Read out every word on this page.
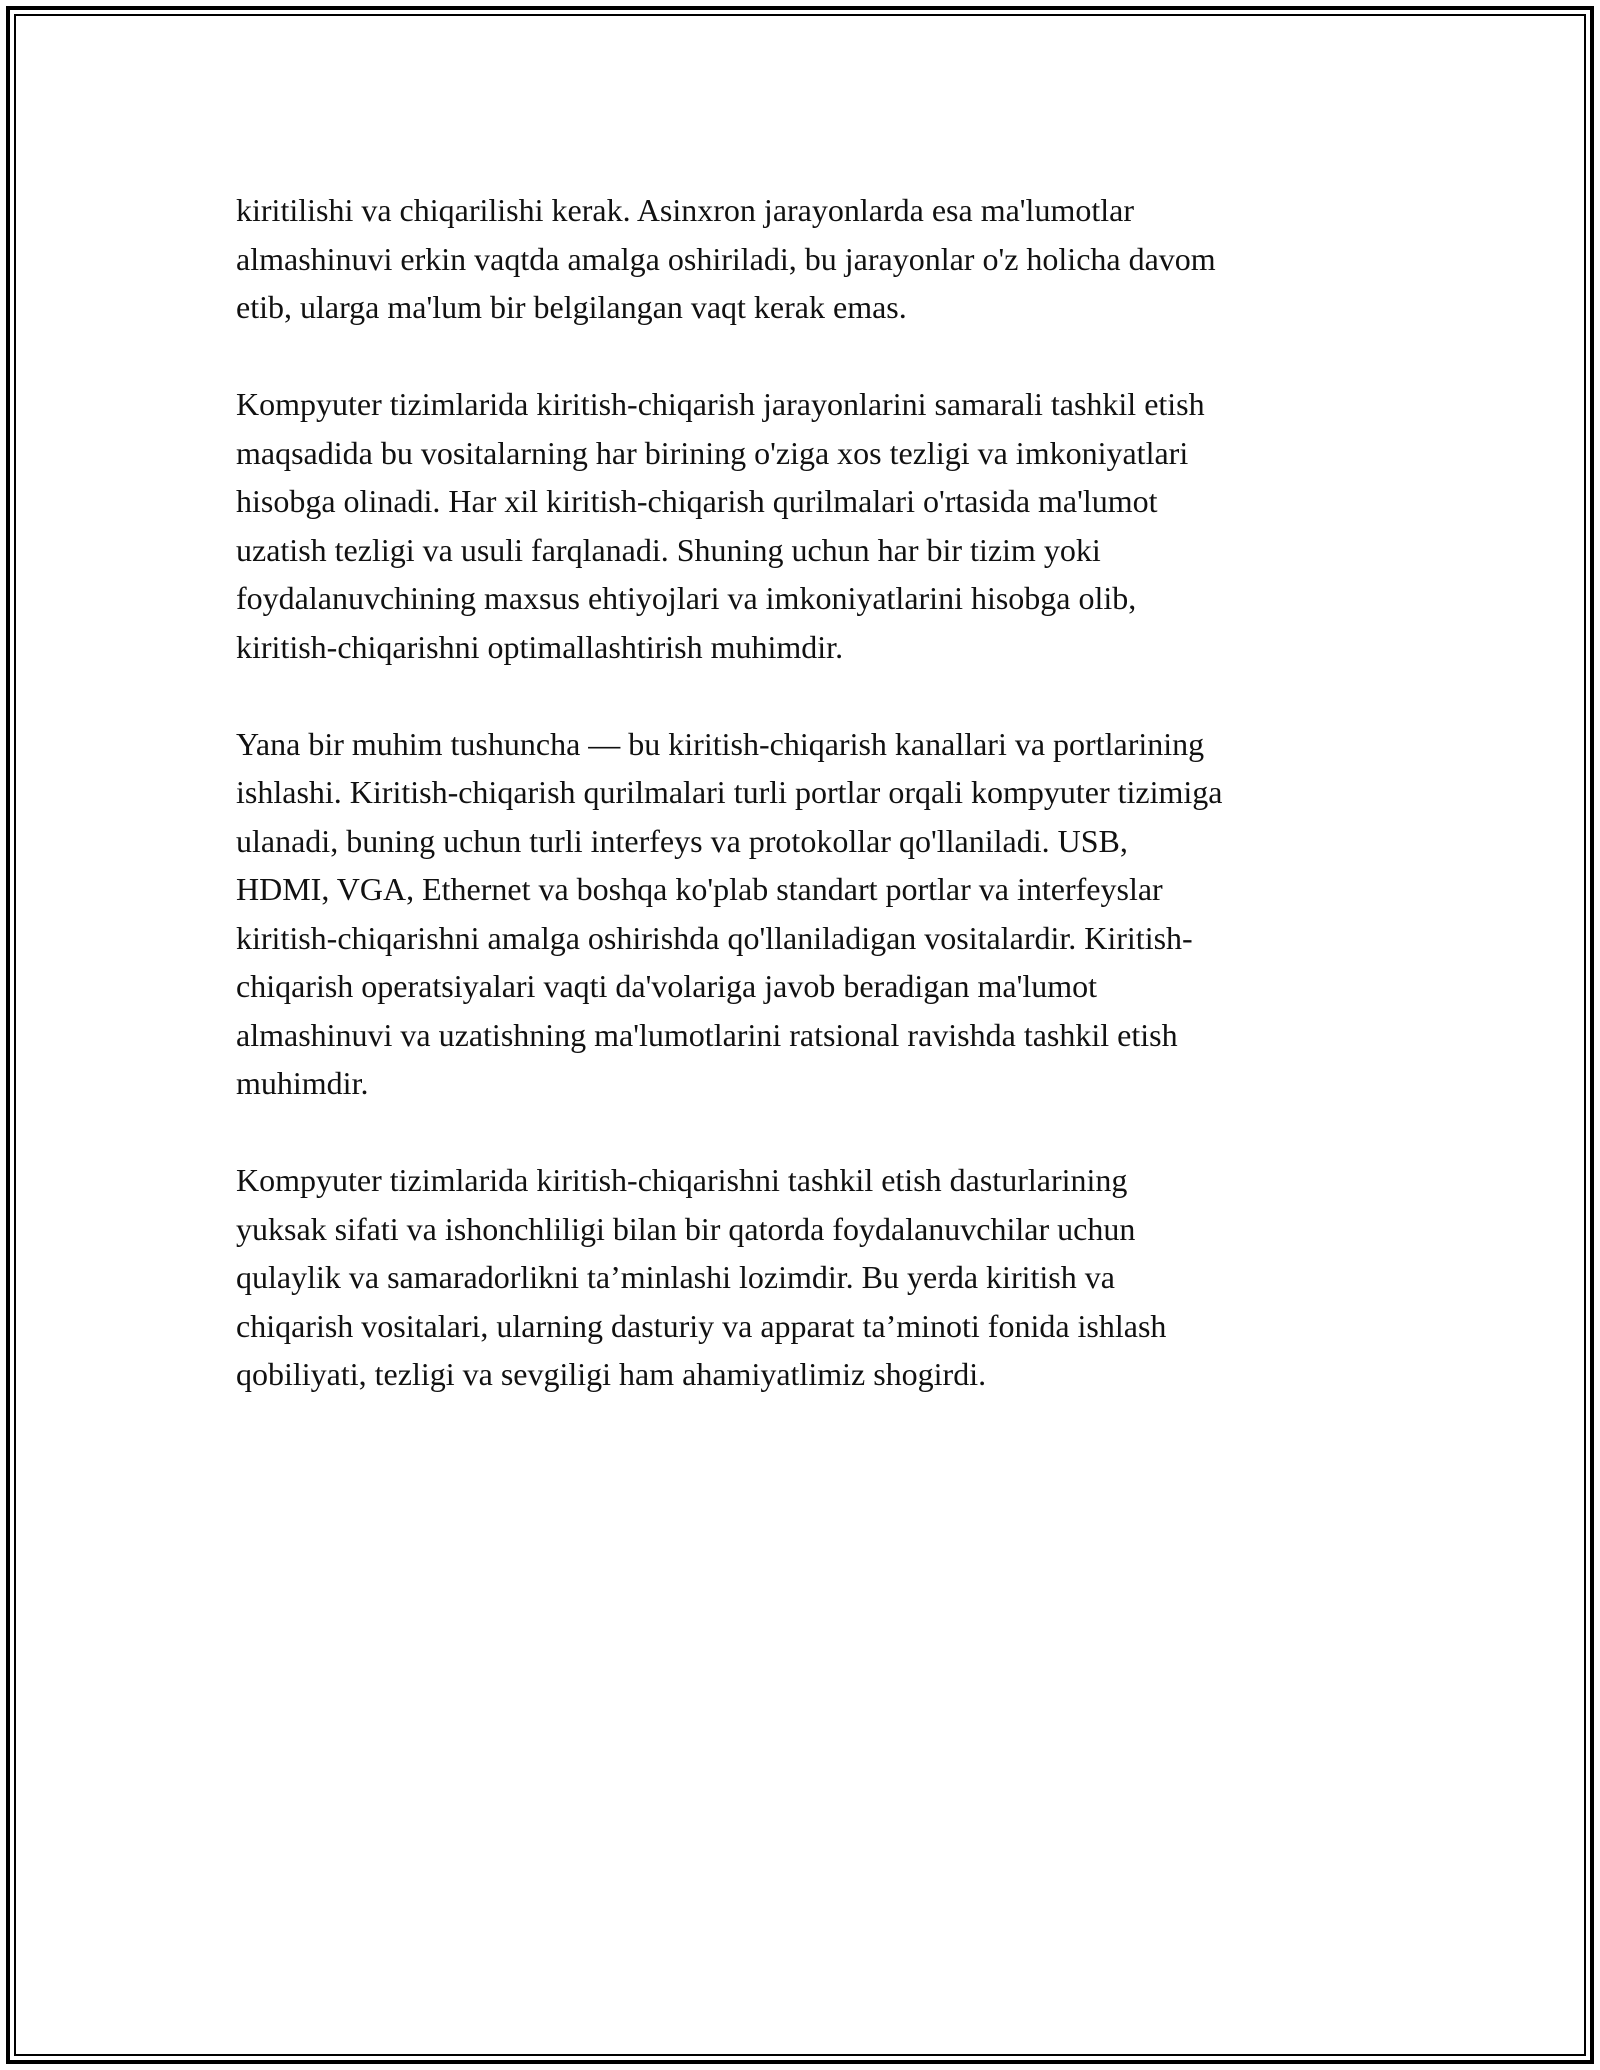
kiritilishi va chiqarilishi kerak. Asinxron jarayonlarda esa ma'lumotlar
almashinuvi erkin vaqtda amalga oshiriladi, bu jarayonlar o'z holicha davom
etib, ularga ma'lum bir belgilangan vaqt kerak emas.

Kompyuter tizimlarida kiritish-chiqarish jarayonlarini samarali tashkil etish
maqsadida bu vositalarning har birining o'ziga xos tezligi va imkoniyatlari
hisobga olinadi. Har xil kiritish-chiqarish qurilmalari o'rtasida ma'lumot
uzatish tezligi va usuli farqlanadi. Shuning uchun har bir tizim yoki
foydalanuvchining maxsus ehtiyojlari va imkoniyatlarini hisobga olib,
kiritish-chiqarishni optimallashtirish muhimdir.

Yana bir muhim tushuncha — bu kiritish-chiqarish kanallari va portlarining
ishlashi. Kiritish-chiqarish qurilmalari turli portlar orqali kompyuter tizimiga
ulanadi, buning uchun turli interfeys va protokollar qo'llaniladi. USB,
HDMI, VGA, Ethernet va boshqa ko'plab standart portlar va interfeyslar
kiritish-chiqarishni amalga oshirishda qo'llaniladigan vositalardir. Kiritish-
chiqarish operatsiyalari vaqti da'volariga javob beradigan ma'lumot
almashinuvi va uzatishning ma'lumotlarini ratsional ravishda tashkil etish
muhimdir.

Kompyuter tizimlarida kiritish-chiqarishni tashkil etish dasturlarining
yuksak sifati va ishonchliligi bilan bir qatorda foydalanuvchilar uchun
qulaylik va samaradorlikni ta’minlashi lozimdir. Bu yerda kiritish va
chiqarish vositalari, ularning dasturiy va apparat ta’minoti fonida ishlash
qobiliyati, tezligi va sevgiligi ham ahamiyatlimiz shogirdi.
